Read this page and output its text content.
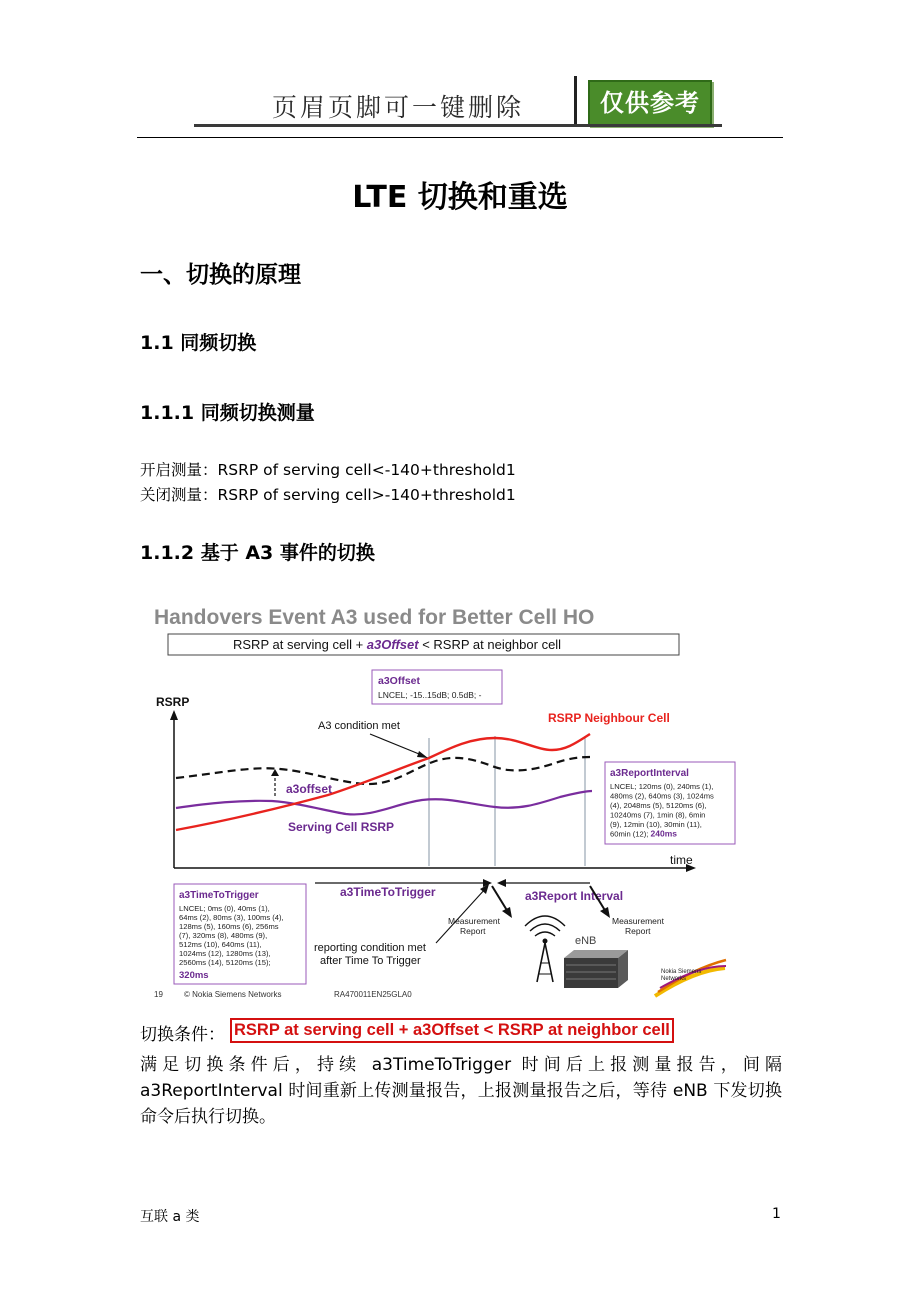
页眉页脚可一键删除	仅供参考
LTE 切换和重选
一、切换的原理
1.1 同频切换
1.1.1 同频切换测量
开启测量：RSRP of serving cell<-140+threshold1
关闭测量：RSRP of serving cell>-140+threshold1
1.1.2 基于 A3 事件的切换
Handovers Event A3 used for Better Cell HO
RSRP at serving cell + a3Offset < RSRP at neighbor cell
a3Offset
LNCEL; -15..15dB; 0.5dB; -
RSRP
time
A3 condition met
RSRP Neighbour Cell
a3offset
Serving Cell RSRP
a3ReportInterval
LNCEL; 120ms (0), 240ms (1),
480ms (2), 640ms (3), 1024ms
(4), 2048ms (5), 5120ms (6),
10240ms (7), 1min (8), 6min
(9), 12min (10), 30min (11),
60min (12); 240ms
a3TimeToTrigger
LNCEL; 0ms (0), 40ms (1),
64ms (2), 80ms (3), 100ms (4),
128ms (5), 160ms (6), 256ms
(7), 320ms (8), 480ms (9),
512ms (10), 640ms (11),
1024ms (12), 1280ms (13),
2560ms (14), 5120ms (15);
320ms
a3TimeToTrigger	a3Report Interval
Measurement
Report
Measurement
Report
reporting condition met
after Time To Trigger
eNB
Nokia Siemens
Networks
19	© Nokia Siemens Networks	RA470011EN25GLA0
切换条件： RSRP at serving cell + a3Offset < RSRP at neighbor cell
满足切换条件后，持续 a3TimeToTrigger 时间后上报测量报告，间隔 a3ReportInterval 时间重新上传测量报告，上报测量报告之后，等待 eNB 下发切换命令后执行切换。
互联 a 类	1
